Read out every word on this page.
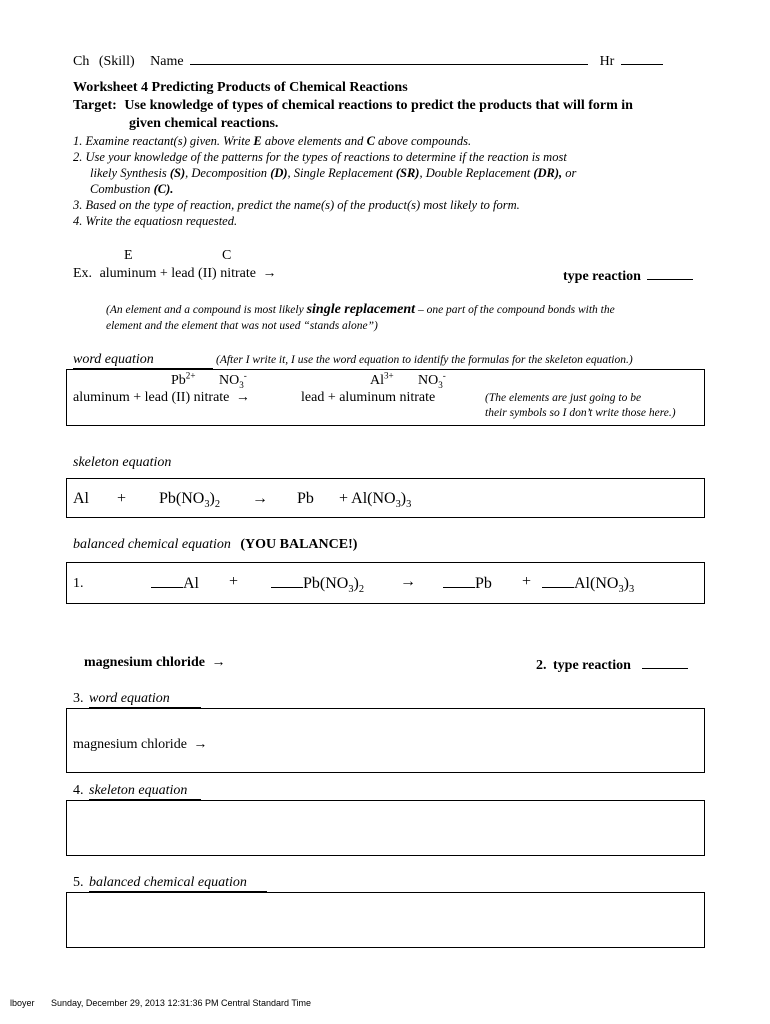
Ch (Skill) Name	Hr
Worksheet 4 Predicting Products of Chemical Reactions
Target: Use knowledge of types of chemical reactions to predict the products that will form in
given chemical reactions.
1. Examine reactant(s) given. Write E above elements and C above compounds.
2. Use your knowledge of the patterns for the types of reactions to determine if the reaction is most
likely Synthesis (S), Decomposition (D), Single Replacement (SR), Double Replacement (DR), or
Combustion (C).
3. Based on the type of reaction, predict the name(s) of the product(s) most likely to form.
4. Write the equatiosn requested.
E	C
Ex. aluminum + lead (II) nitrate →	type reaction
(An element and a compound is most likely single replacement – one part of the compound bonds with the
element and the element that was not used “stands alone”)
word equation	(After I write it, I use the word equation to identify the formulas for the skeleton equation.)
$Pb^{2+}$ $NO_3^-$	$Al^{3+}$ $NO_3^-$
aluminum + lead (II) nitrate →	lead + aluminum nitrate	(The elements are just going to be
their symbols so I don’t write those here.)
skeleton equation
$Al + Pb(NO_3)_2 \to Pb + Al(NO_3)_3$
balanced chemical equation (YOU BALANCE!)
1.	Al +	$Pb(NO_3)_2$ →	Pb +	$Al(NO_3)_3$
magnesium chloride →	2. type reaction
3. word equation
magnesium chloride →
4. skeleton equation
5. balanced chemical equation
lboyer Sunday, December 29, 2013 12:31:36 PM Central Standard Time
